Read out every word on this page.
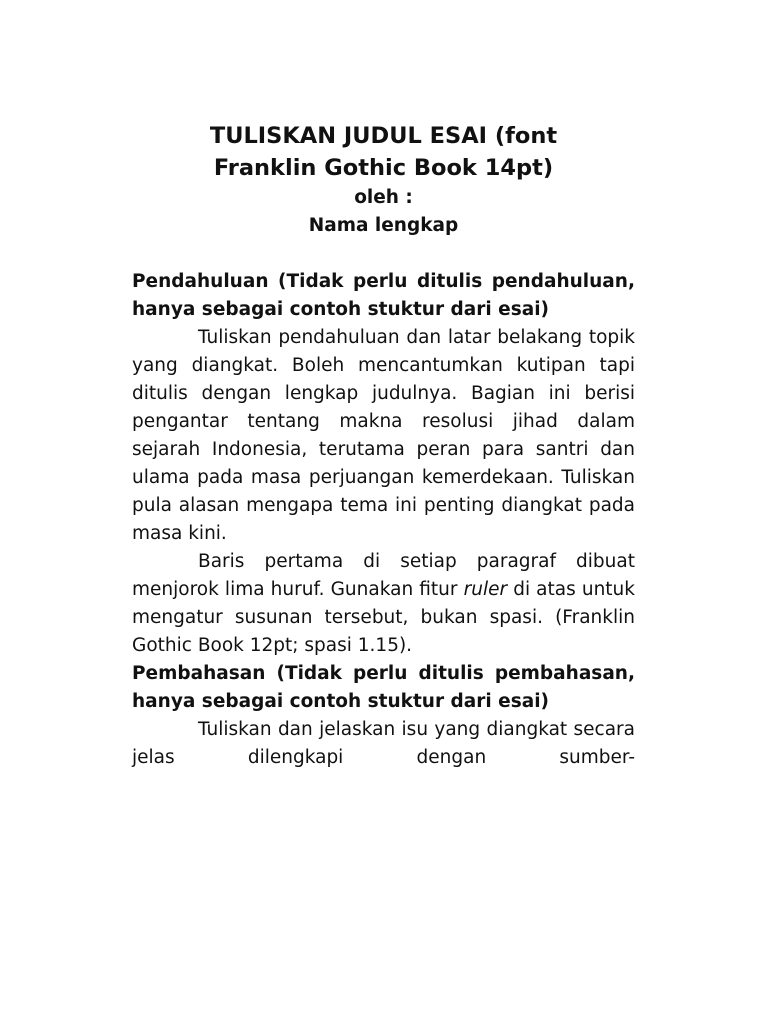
TULISKAN JUDUL ESAI (font

Franklin Gothic Book 14pt)

oleh :

Nama lengkap

Pendahuluan (Tidak perlu ditulis pendahuluan, hanya sebagai contoh stuktur dari esai)

Tuliskan pendahuluan dan latar belakang topik yang diangkat. Boleh mencantumkan kutipan tapi ditulis dengan lengkap judulnya. Bagian ini berisi pengantar tentang makna resolusi jihad dalam sejarah Indonesia, terutama peran para santri dan ulama pada masa perjuangan kemerdekaan. Tuliskan pula alasan mengapa tema ini penting diangkat pada masa kini.

Baris pertama di setiap paragraf dibuat menjorok lima huruf. Gunakan fitur ruler di atas untuk mengatur susunan tersebut, bukan spasi. (Franklin Gothic Book 12pt; spasi 1.15).

Pembahasan (Tidak perlu ditulis pembahasan, hanya sebagai contoh stuktur dari esai)

Tuliskan dan jelaskan isu yang diangkat secara jelas dilengkapi dengan sumber-
